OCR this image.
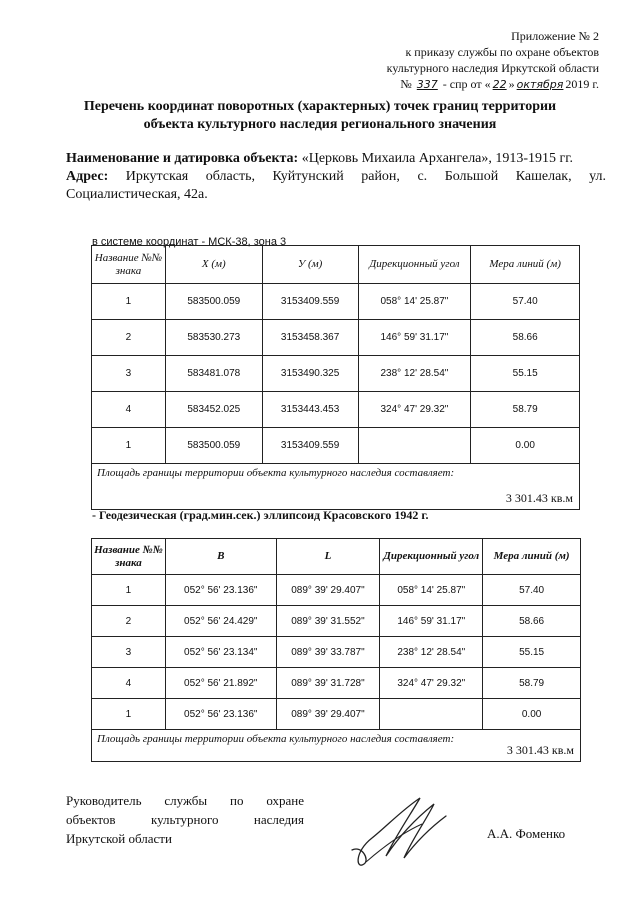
Приложение № 2
к приказу службы по охране объектов
культурного наследия Иркутской области
№ 337 - спр от « 22 » октября 2019 г.
Перечень координат поворотных (характерных) точек границ территории
объекта культурного наследия регионального значения
Наименование и датировка объекта: «Церковь Михаила Архангела», 1913-1915 гг.
Адрес: Иркутская область, Куйтунский район, с. Большой Кашелак, ул. Социалистическая, 42а.
в системе координат - МСК-38, зона 3
Название №№ знака	X (м)	У (м)	Дирекционный угол	Мера линий (м)
1	583500.059	3153409.559	058° 14' 25.87"	57.40
2	583530.273	3153458.367	146° 59' 31.17"	58.66
3	583481.078	3153490.325	238° 12' 28.54"	55.15
4	583452.025	3153443.453	324° 47' 29.32"	58.79
1	583500.059	3153409.559		0.00
Площадь границы территории объекта культурного наследия составляет:
3 301.43 кв.м				
- Геодезическая (град.мин.сек.) эллипсоид Красовского 1942 г.
Название №№ знака	B	L	Дирекционный угол	Мера линий (м)
1	052° 56' 23.136"	089° 39' 29.407"	058° 14' 25.87"	57.40
2	052° 56' 24.429"	089° 39' 31.552"	146° 59' 31.17"	58.66
3	052° 56' 23.134"	089° 39' 33.787"	238° 12' 28.54"	55.15
4	052° 56' 21.892"	089° 39' 31.728"	324° 47' 29.32"	58.79
1	052° 56' 23.136"	089° 39' 29.407"		0.00
Площадь границы территории объекта культурного наследия составляет:
3 301.43 кв.м				
Руководитель службы по охране
объектов культурного наследия
Иркутской области	А.А. Фоменко
